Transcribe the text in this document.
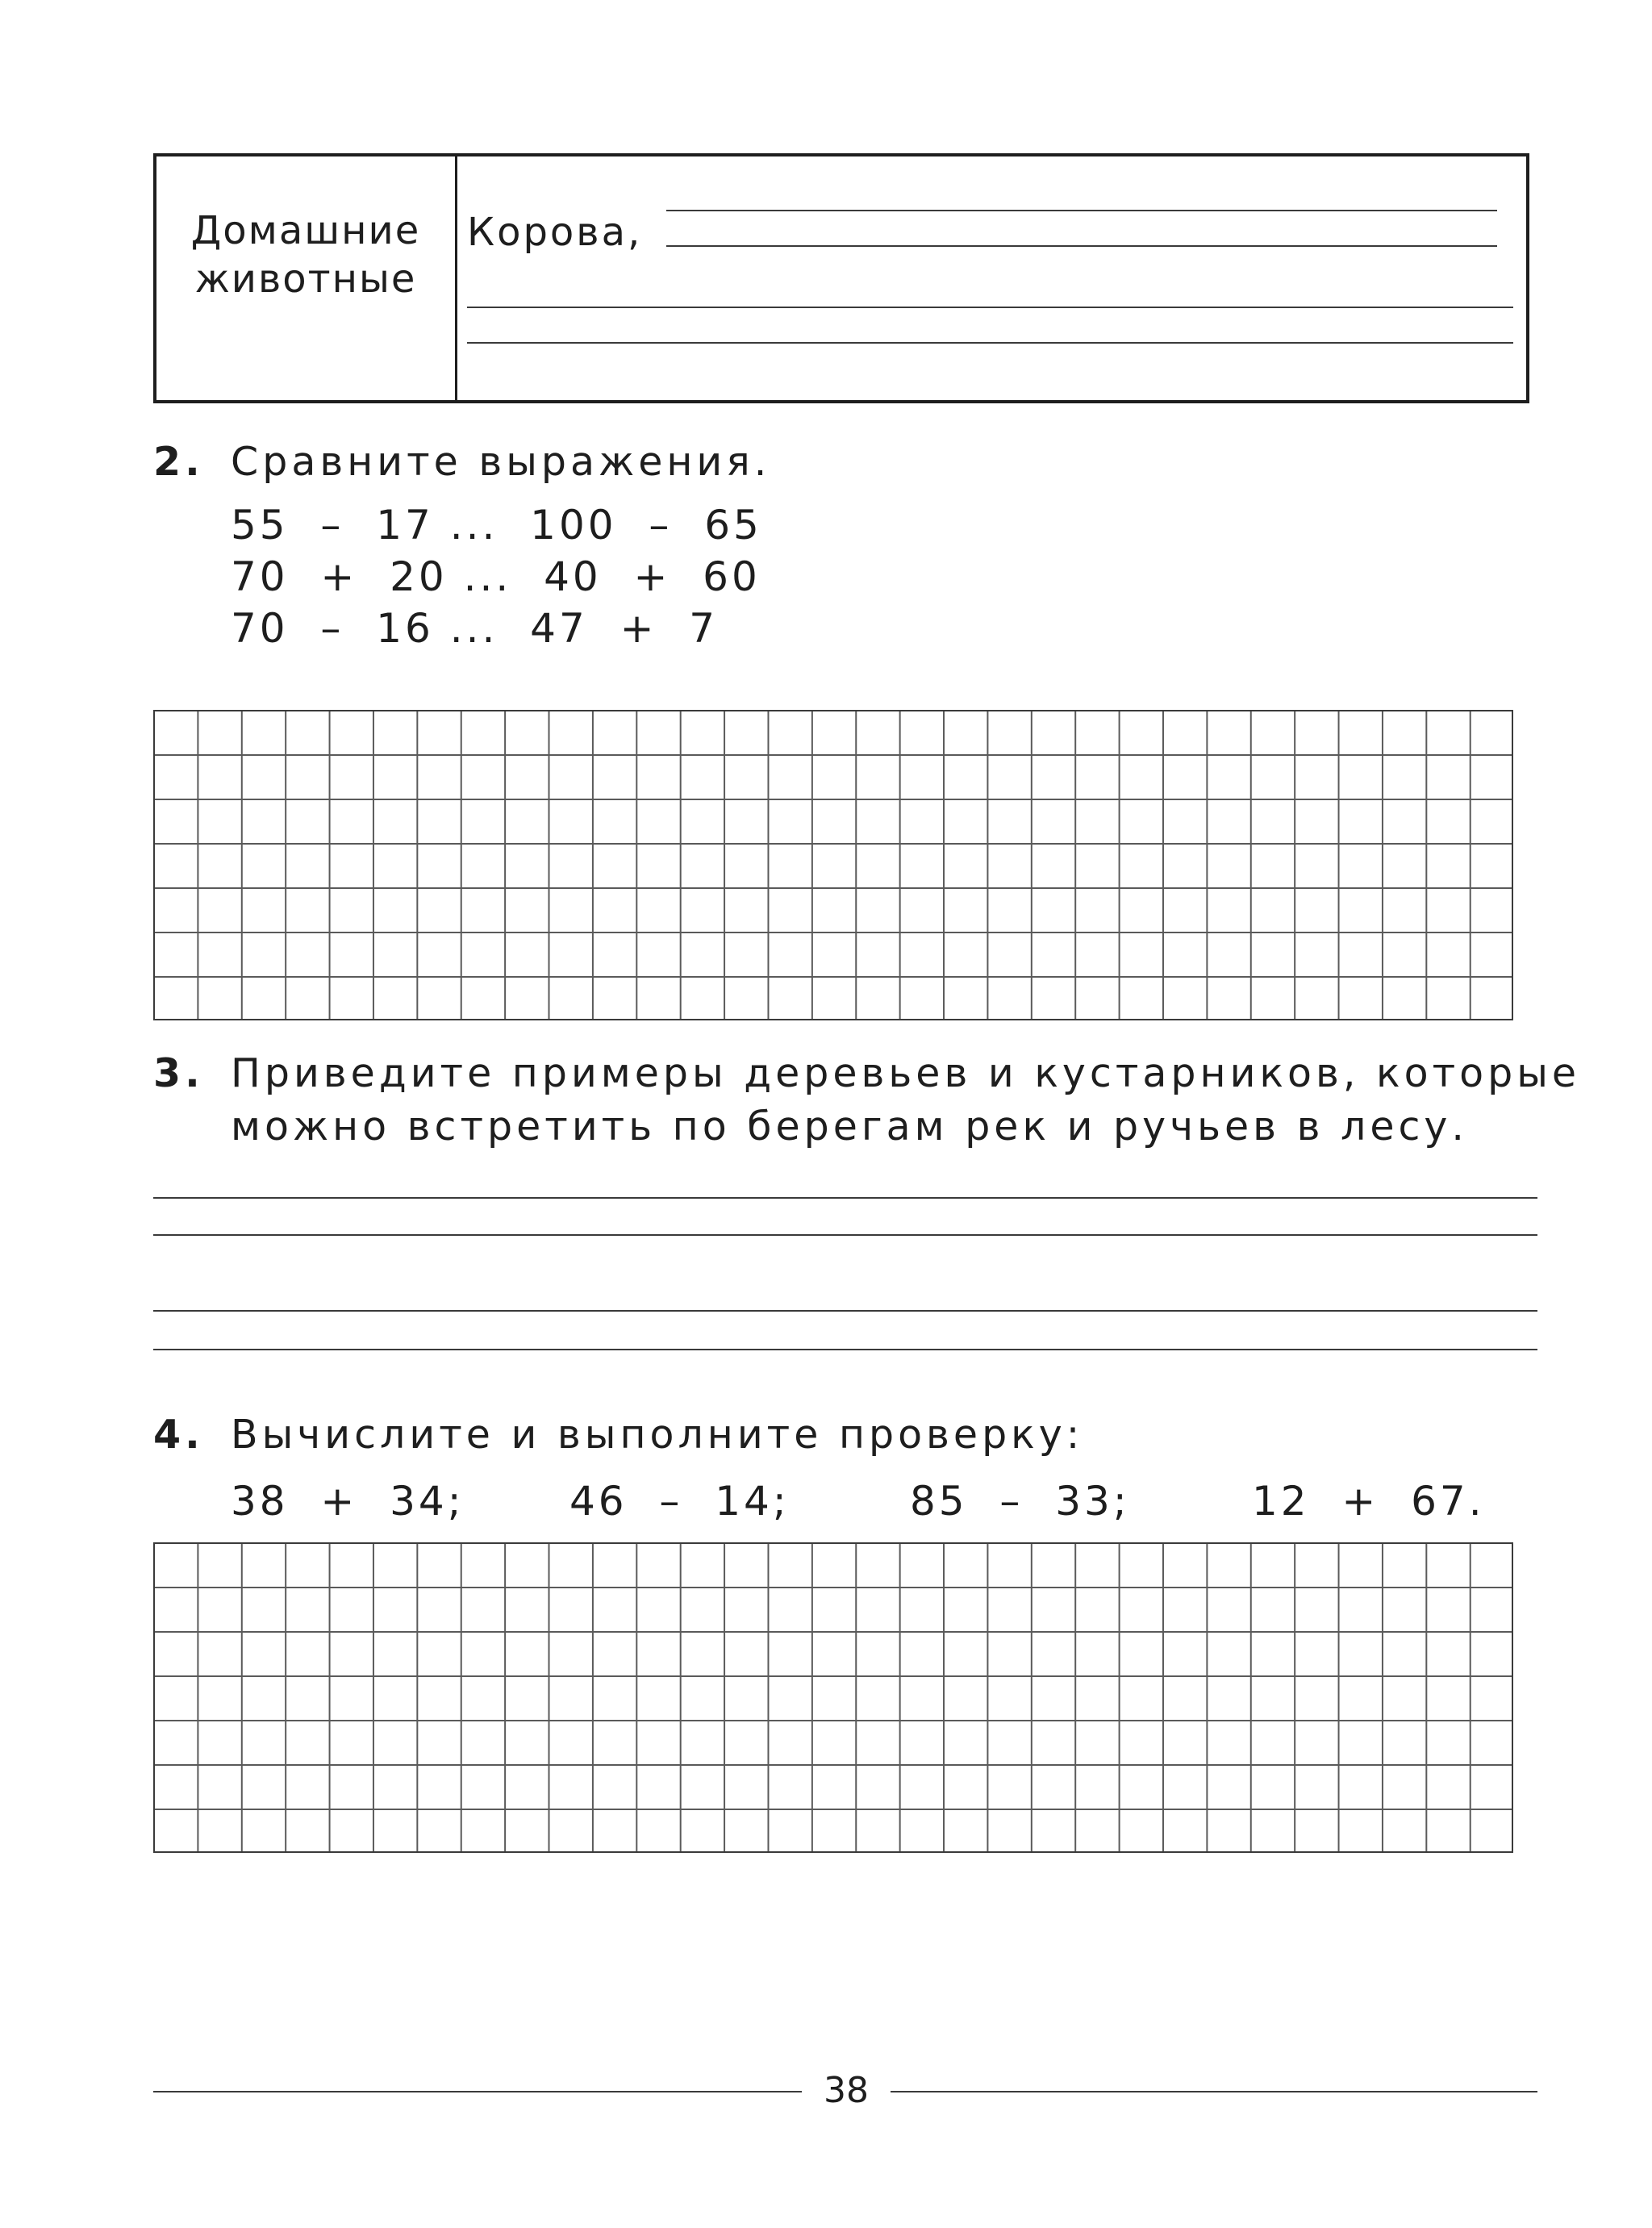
Домашние животные
Корова,
2. Сравните выражения.
55  –  17 ...  100  –  65
70  +  20 ...  40  +  60
70  –  16 ...  47  +  7
3. Приведите примеры деревьев и кустарников, которые
можно встретить по берегам рек и ручьев в лесу.
4. Вычислите и выполните проверку:
38  +  34;	46  –  14;	85  –  33;	12  +  67.
38
